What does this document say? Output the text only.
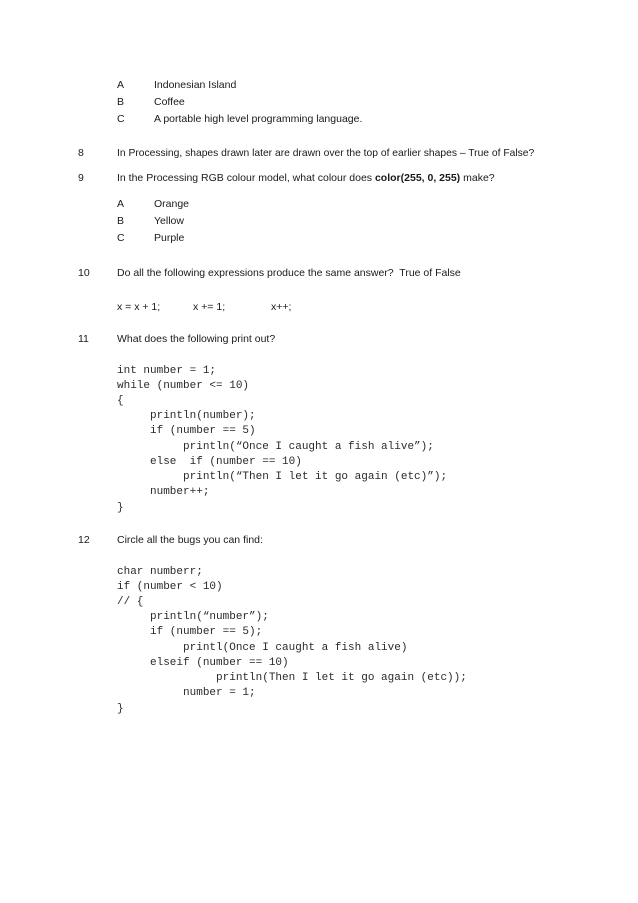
A	Indonesian Island
B	Coffee
C	A portable high level programming language.
8	In Processing, shapes drawn later are drawn over the top of earlier shapes – True of False?
9	In the Processing RGB colour model, what colour does color(255, 0, 255) make?
A	Orange
B	Yellow
C	Purple
10	Do all the following expressions produce the same answer?  True of False
x = x + 1;	x += 1;	x++;
11	What does the following print out?
int number = 1;
while (number <= 10)
{
println(number);
if (number == 5)
println(“Once I caught a fish alive”);
else  if (number == 10)
println(“Then I let it go again (etc)”);
number++;
}
12	Circle all the bugs you can find:
char numberr;
if (number < 10)
// {
println(“number”);
if (number == 5);
printl(Once I caught a fish alive)
elseif (number == 10)
println(Then I let it go again (etc));
number = 1;
}
